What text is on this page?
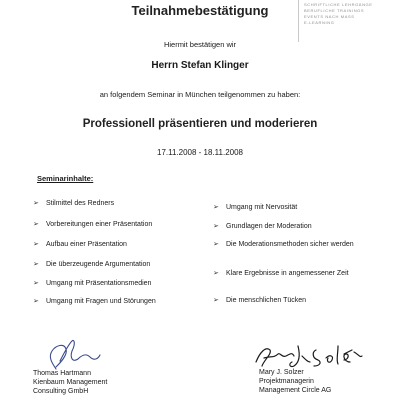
SCHRIFTLICHE LEHRGÄNGE
BERUFLICHE TRAININGS
EVENTS NACH MASS
E-LEARNING
Teilnahmebestätigung
Hiermit bestätigen wir
Herrn Stefan Klinger
an folgendem Seminar in München teilgenommen zu haben:
Professionell präsentieren und moderieren
17.11.2008 - 18.11.2008
Seminarinhalte:
➢ Stilmittel des Redners
➢ Vorbereitungen einer Präsentation
➢ Aufbau einer Präsentation
➢ Die überzeugende Argumentation
➢ Umgang mit Präsentationsmedien
➢ Umgang mit Fragen und Störungen
➢ Umgang mit Nervosität
➢ Grundlagen der Moderation
➢ Die Moderationsmethoden sicher werden
➢ Klare Ergebnisse in angemessener Zeit
➢ Die menschlichen Tücken
Thomas Hartmann
Kienbaum Management
Consulting GmbH
Mary J. Solzer
Projektmanagerin
Management Circle AG
